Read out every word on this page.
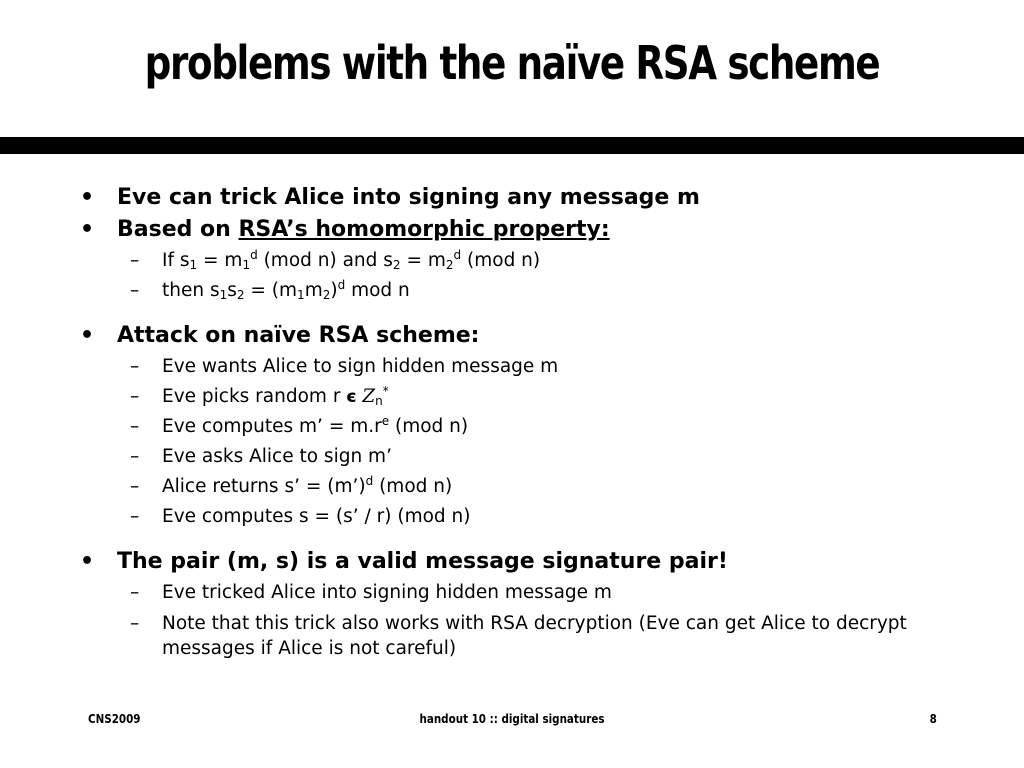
problems with the naïve RSA scheme
• Eve can trick Alice into signing any message m
• Based on RSA’s homomorphic property:
– If $s_1 = m_1^d$ (mod n) and $s_2 = m_2^d$ (mod n)
– then $s_1s_2 = (m_1m_2)^d$ mod n
• Attack on naïve RSA scheme:
– Eve wants Alice to sign hidden message m
– Eve picks random r є $Z_n^*$
– Eve computes m’ = $m.r^e$ (mod n)
– Eve asks Alice to sign m’
– Alice returns s’ = (m’)$^d$ (mod n)
– Eve computes s = (s’ / r) (mod n)
• The pair (m, s) is a valid message signature pair!
– Eve tricked Alice into signing hidden message m
– Note that this trick also works with RSA decryption (Eve can get Alice to decrypt messages if Alice is not careful)
CNS2009	handout 10 :: digital signatures	8
